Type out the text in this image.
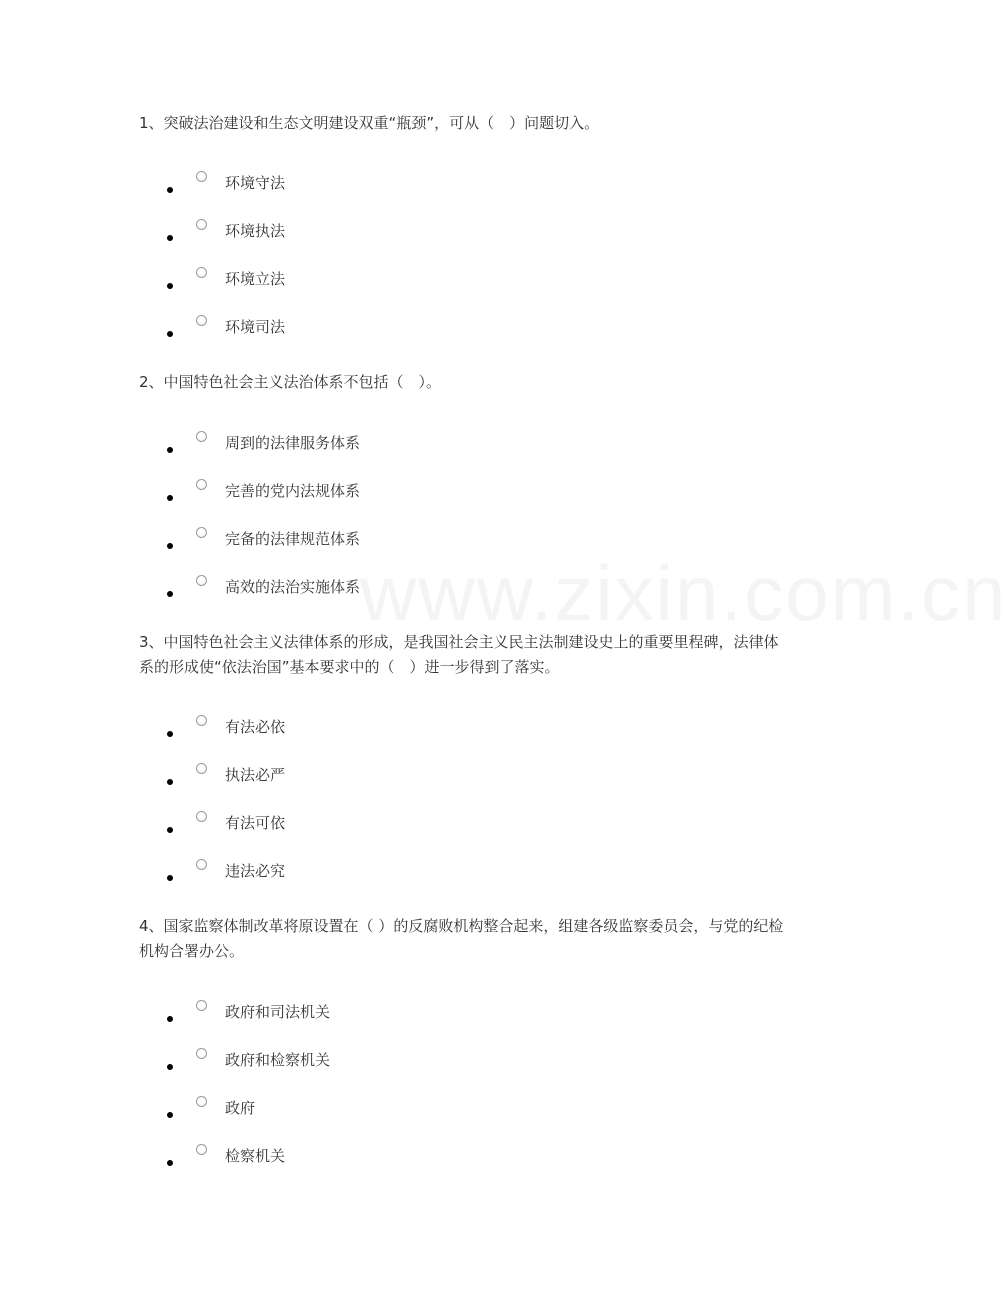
www.zixin.com.cn

1、突破法治建设和生态文明建设双重“瓶颈”，可从（　）问题切入。

环境守法
环境执法
环境立法
环境司法

2、中国特色社会主义法治体系不包括（　）。

周到的法律服务体系
完善的党内法规体系
完备的法律规范体系
高效的法治实施体系

3、中国特色社会主义法律体系的形成，是我国社会主义民主法制建设史上的重要里程碑，法律体系的形成使“依法治国”基本要求中的（　）进一步得到了落实。

有法必依
执法必严
有法可依
违法必究

4、国家监察体制改革将原设置在（ ）的反腐败机构整合起来，组建各级监察委员会，与党的纪检机构合署办公。

政府和司法机关
政府和检察机关
政府
检察机关
